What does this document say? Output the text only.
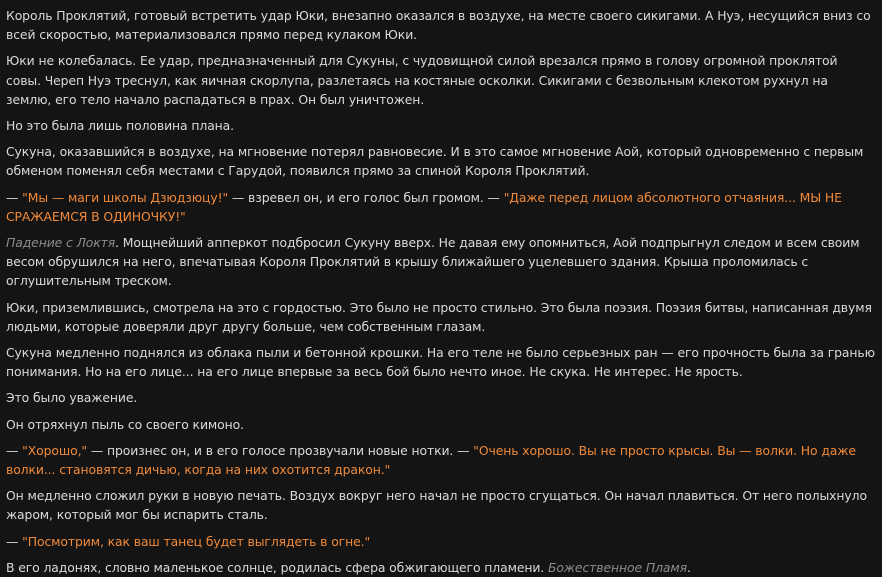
Король Проклятий, готовый встретить удар Юки, внезапно оказался в воздухе, на месте своего сикигами. А Нуэ, несущийся вниз со всей скоростью, материализовался прямо перед кулаком Юки.

Юки не колебалась. Ее удар, предназначенный для Сукуны, с чудовищной силой врезался прямо в голову огромной проклятой совы. Череп Нуэ треснул, как яичная скорлупа, разлетаясь на костяные осколки. Сикигами с безвольным клекотом рухнул на землю, его тело начало распадаться в прах. Он был уничтожен.

Но это была лишь половина плана.

Сукуна, оказавшийся в воздухе, на мгновение потерял равновесие. И в это самое мгновение Аой, который одновременно с первым обменом поменял себя местами с Гарудой, появился прямо за спиной Короля Проклятий.

— "Мы — маги школы Дзюдзюцу!" — взревел он, и его голос был громом. — "Даже перед лицом абсолютного отчаяния... МЫ НЕ СРАЖАЕМСЯ В ОДИНОЧКУ!"

Падение с Локтя. Мощнейший апперкот подбросил Сукуну вверх. Не давая ему опомниться, Аой подпрыгнул следом и всем своим весом обрушился на него, впечатывая Короля Проклятий в крышу ближайшего уцелевшего здания. Крыша проломилась с оглушительным треском.

Юки, приземлившись, смотрела на это с гордостью. Это было не просто стильно. Это была поэзия. Поэзия битвы, написанная двумя людьми, которые доверяли друг другу больше, чем собственным глазам.

Сукуна медленно поднялся из облака пыли и бетонной крошки. На его теле не было серьезных ран — его прочность была за гранью понимания. Но на его лице... на его лице впервые за весь бой было нечто иное. Не скука. Не интерес. Не ярость.

Это было уважение.

Он отряхнул пыль со своего кимоно.

— "Хорошо," — произнес он, и в его голосе прозвучали новые нотки. — "Очень хорошо. Вы не просто крысы. Вы — волки. Но даже волки... становятся дичью, когда на них охотится дракон."

Он медленно сложил руки в новую печать. Воздух вокруг него начал не просто сгущаться. Он начал плавиться. От него полыхнуло жаром, который мог бы испарить сталь.

— "Посмотрим, как ваш танец будет выглядеть в огне."

В его ладонях, словно маленькое солнце, родилась сфера обжигающего пламени. Божественное Пламя.
